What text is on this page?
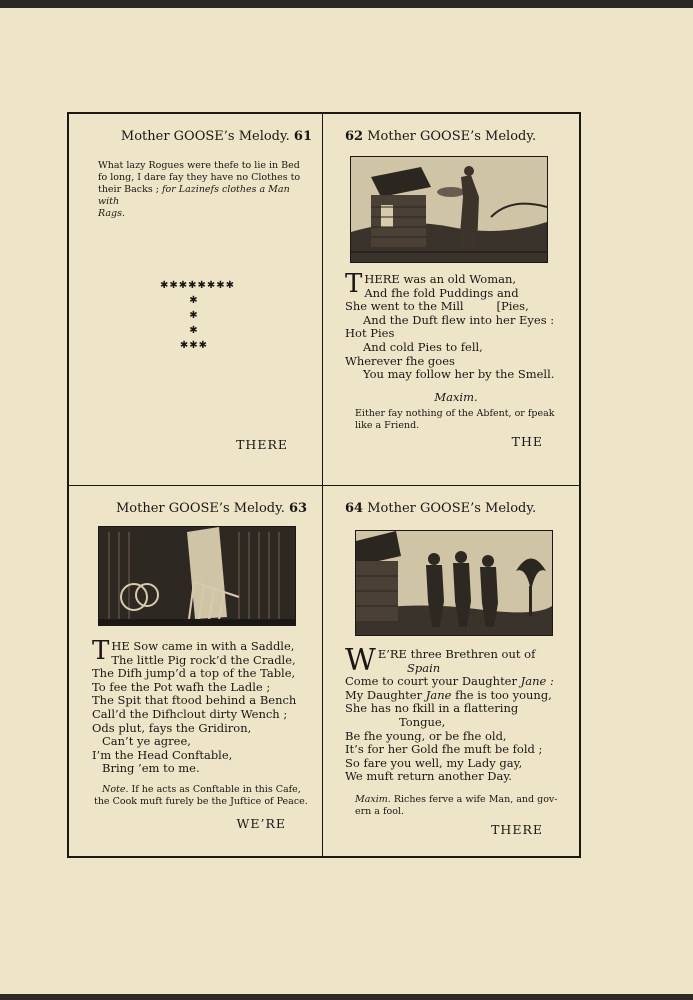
Mother GOOSE’s Melody. 61
What lazy Rogues were thefe to lie in Bed
fo long, I dare fay they have no Clothes to
their Backs ; for Lazinefs clothes a Man with
Rags.
✱✱✱✱✱✱✱✱
✱
✱
✱
✱✱✱
THERE
62 Mother GOOSE’s Melody.
T HERE was an old Woman,
And fhe fold Puddings and
She went to the Mill         [Pies,
And the Duft flew into her Eyes :
Hot Pies
And cold Pies to fell,
Wherever fhe goes
You may follow her by the Smell.
Maxim.
Either fay nothing of the Abfent, or fpeak
like a Friend.
THE
Mother GOOSE’s Melody. 63
T HE Sow came in with a Saddle,
The little Pig rock’d the Cradle,
The Difh jump’d a top of the Table,
To fee the Pot wafh the Ladle ;
The Spit that ftood behind a Bench
Call’d the Difhclout dirty Wench ;
Ods plut, fays the Gridiron,
Can’t ye agree,
I’m the Head Conftable,
Bring ’em to me.
Note. If he acts as Conftable in this Cafe,
the Cook muft furely be the Juftice of Peace.
WE’RE
64 Mother GOOSE’s Melody.
W E’RE three Brethren out of
Spain
Come to court your Daughter Jane :
My Daughter Jane fhe is too young,
She has no fkill in a flattering
Tongue,
Be fhe young, or be fhe old,
It’s for her Gold fhe muft be fold ;
So fare you well, my Lady gay,
We muft return another Day.
Maxim. Riches ferve a wife Man, and gov-
ern a fool.
THERE
